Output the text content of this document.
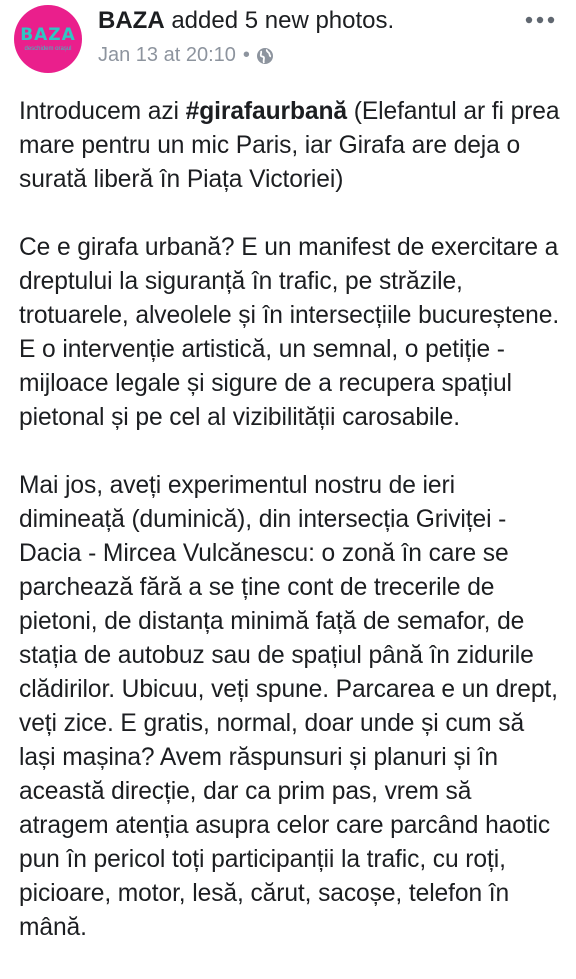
BAZA
deschidem orașul
BAZA added 5 new photos.
Jan 13 at 20:10 •

Introducem azi #girafaurbană (Elefantul ar fi prea mare pentru un mic Paris, iar Girafa are deja o surată liberă în Piața Victoriei)

Ce e girafa urbană? E un manifest de exercitare a dreptului la siguranță în trafic, pe străzile, trotuarele, alveolele și în intersecțiile bucureștene. E o intervenție artistică, un semnal, o petiție - mijloace legale și sigure de a recupera spațiul pietonal și pe cel al vizibilității carosabile.

Mai jos, aveți experimentul nostru de ieri dimineață (duminică), din intersecția Griviței - Dacia - Mircea Vulcănescu: o zonă în care se parchează fără a se ține cont de trecerile de pietoni, de distanța minimă față de semafor, de stația de autobuz sau de spațiul până în zidurile clădirilor. Ubicuu, veți spune. Parcarea e un drept, veți zice. E gratis, normal, doar unde și cum să lași mașina? Avem răspunsuri și planuri și în această direcție, dar ca prim pas, vrem să atragem atenția asupra celor care parcând haotic pun în pericol toți participanții la trafic, cu roți, picioare, motor, lesă, cărut, sacoșe, telefon în mână.
